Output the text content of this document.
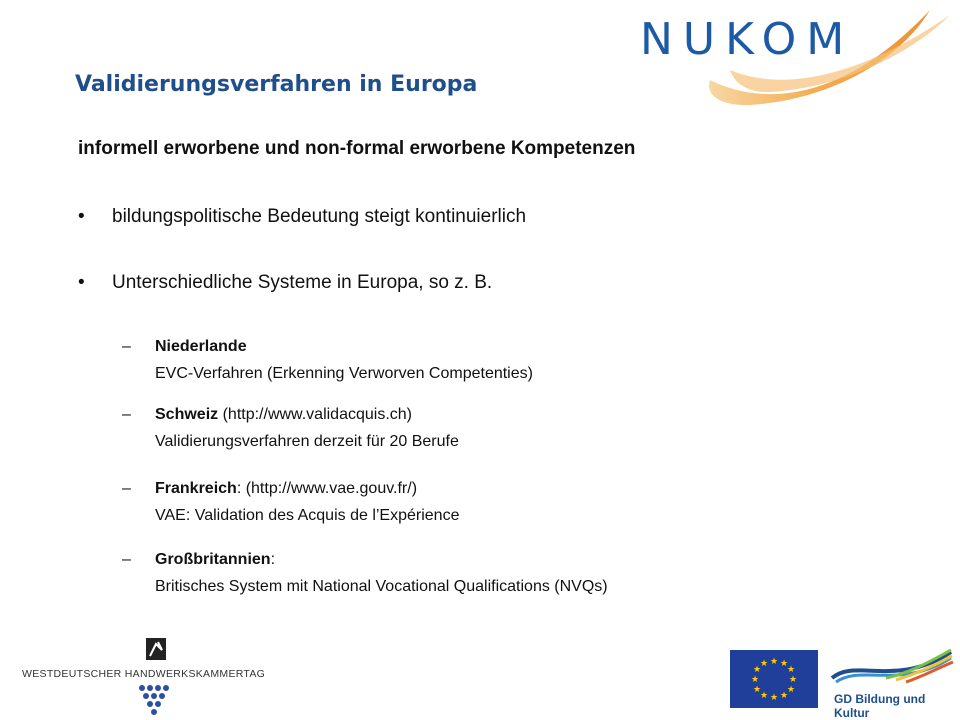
NUKOM
Validierungsverfahren in Europa
informell erworbene und non-formal erworbene Kompetenzen
• bildungspolitische Bedeutung steigt kontinuierlich
• Unterschiedliche Systeme in Europa, so z. B.
– Niederlande
EVC-Verfahren (Erkenning Verworven Competenties)
– Schweiz (http://www.validacquis.ch)
Validierungsverfahren derzeit für 20 Berufe
– Frankreich: (http://www.vae.gouv.fr/)
VAE: Validation des Acquis de l’Expérience
– Großbritannien:
Britisches System mit National Vocational Qualifications (NVQs)
WESTDEUTSCHER HANDWERKSKAMMERTAG
★ ★
★
★
★
★
★
★
★
★
★
★
GD Bildung und Kultur
